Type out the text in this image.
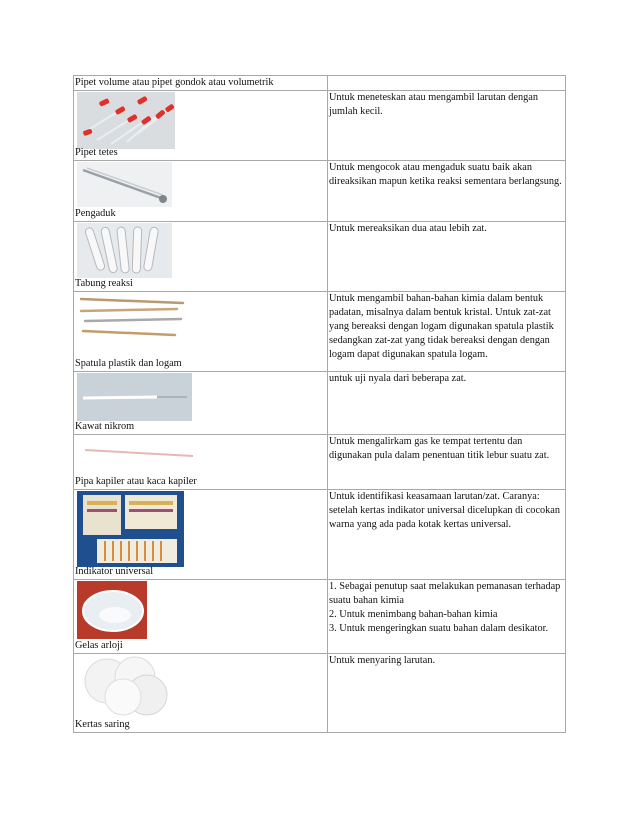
Pipet volume atau pipet gondok atau volumetrik	

Pipet tetes	Untuk meneteskan atau mengambil larutan dengan jumlah kecil.

Pengaduk	Untuk mengocok atau mengaduk suatu baik akan direaksikan mapun ketika reaksi sementara berlangsung.

Tabung reaksi	Untuk mereaksikan dua atau lebih zat.

Spatula plastik dan logam	Untuk mengambil bahan-bahan kimia dalam bentuk padatan, misalnya dalam bentuk kristal. Untuk zat-zat yang bereaksi dengan logam digunakan spatula plastik sedangkan zat-zat yang tidak bereaksi dengan dengan logam dapat digunakan spatula logam.

Kawat nikrom	untuk uji nyala dari beberapa zat.

Pipa kapiler atau kaca kapiler	Untuk mengalirkam gas ke tempat tertentu dan digunakan pula dalam penentuan titik lebur suatu zat.

Indikator universal	Untuk identifikasi keasamaan larutan/zat. Caranya: setelah kertas indikator universal dicelupkan di cocokan warna yang ada pada kotak kertas universal.

Gelas arloji	1. Sebagai penutup saat melakukan pemanasan terhadap suatu bahan kimia
2. Untuk menimbang bahan-bahan kimia
3. Untuk mengeringkan suatu bahan dalam desikator.

Kertas saring	Untuk menyaring larutan.
